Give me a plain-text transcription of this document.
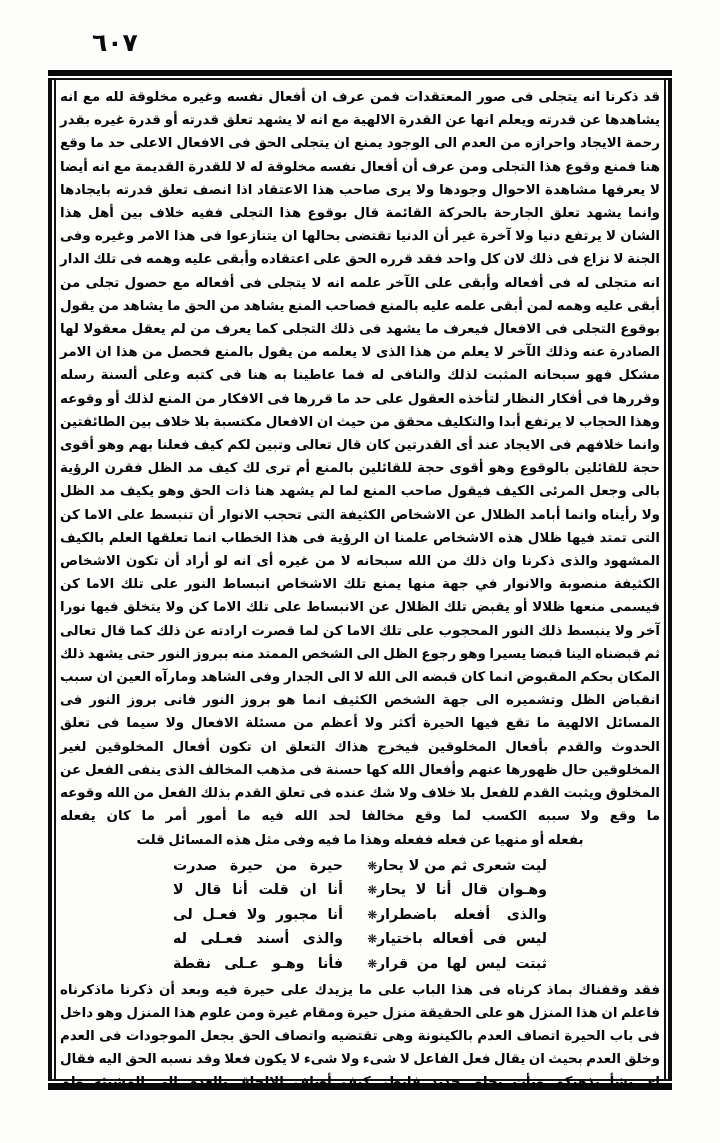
٦٠٧

قد ذكرنا انه يتجلى فى صور المعتقدات فمن عرف ان أفعال نفسه وغيره مخلوقة لله مع انه يشاهدها عن قدرته ويعلم انها عن القدرة الالهية مع انه لا يشهد تعلق قدرته أو قدرة غيره بقدر رحمة الايجاد واحرازه من العدم الى الوجود يمنع ان يتجلى الحق فى الافعال الاعلى حد ما وقع هنا فمنع وقوع هذا التجلى ومن عرف أن أفعال نفسه مخلوقة له لا للقدرة القديمة مع انه أيضا لا يعرفها مشاهدة الاحوال وجودها ولا يرى صاحب هذا الاعتقاد اذا انصف تعلق قدرته بايجادها وانما يشهد تعلق الجارحة بالحركة القائمة قال بوقوع هذا التجلى ففيه خلاف بين أهل هذا الشان لا يرتفع دنيا ولا آخرة غير أن الدنيا تقتضى بحالها ان يتنازعوا فى هذا الامر وغيره وفى الجنة لا نزاع فى ذلك لان كل واحد فقد قرره الحق على اعتقاده وأبقى عليه وهمه فى تلك الدار انه متجلى له فى أفعاله وأبقى على الآخر علمه انه لا يتجلى فى أفعاله مع حصول تجلى من أبقى عليه وهمه لمن أبقى علمه عليه بالمنع فصاحب المنع يشاهد من الحق ما يشاهد من يقول بوقوع التجلى فى الافعال فيعرف ما يشهد فى ذلك التجلى كما يعرف من لم يعقل معقولا لها الصادرة عنه وذلك الآخر لا يعلم من هذا الذى لا يعلمه من يقول بالمنع فحصل من هذا ان الامر مشكل فهو سبحانه المثبت لذلك والنافى له فما عاطينا به هنا فى كتبه وعلى ألسنة رسله وقررها فى أفكار النظار لتأخذه العقول على حد ما قررها فى الافكار من المنع لذلك أو وقوعه وهذا الحجاب لا يرتفع أبدا والتكليف محقق من حيث ان الافعال مكتسبة بلا خلاف بين الطائفتين وانما خلافهم فى الايجاد عند أى القدرتين كان قال تعالى وتبين لكم كيف فعلنا بهم وهو أقوى حجة للقائلين بالوقوع وهو أقوى حجة للقائلين بالمنع أم ترى لك كيف مد الظل فقرن الرؤية بالى وجعل المرئى الكيف فيقول صاحب المنع لما لم يشهد هنا ذات الحق وهو يكيف مد الظل ولا رأيناه وانما أبامد الظلال عن الاشخاص الكثيفة التى تحجب الانوار أن تنبسط على الاما كن التى تمتد فيها ظلال هذه الاشخاص علمنا ان الرؤية فى هذا الخطاب انما تعلقها العلم بالكيف المشهود والذى ذكرنا وان ذلك من الله سبحانه لا من غيره أى انه لو أراد أن تكون الاشخاص الكثيفة منصوبة والانوار في جهة منها يمنع تلك الاشخاص انبساط النور على تلك الاما كن فيسمى منعها ظلالا أو يقبض تلك الظلال عن الانبساط على تلك الاما كن ولا يتخلق فيها نورا آخر ولا ينبسط ذلك النور المحجوب على تلك الاما كن لما قصرت ارادته عن ذلك كما قال تعالى ثم قبضناه الينا قبضا يسيرا وهو رجوع الظل الى الشخص الممتد منه ببروز النور حتى يشهد ذلك المكان بحكم المقبوض انما كان قبضه الى الله لا الى الجدار وفى الشاهد ومارآه العين ان سبب انقباض الظل وتشميره الى جهة الشخص الكثيف انما هو بروز النور فانى بروز النور فى المسائل الالهية ما تقع فيها الحيرة أكثر ولا أعظم من مسئلة الافعال ولا سيما فى تعلق الحدوث والقدم بأفعال المخلوقين فيخرج هذاك التعلق ان تكون أفعال المخلوقين لغير المخلوقين حال ظهورها عنهم وأفعال الله كها حسنة فى مذهب المخالف الذى ينفى الفعل عن المخلوق ويثبت القدم للفعل بلا خلاف ولا شك عنده فى تعلق القدم بذلك الفعل من الله وقوعه ما وقع ولا سببه الكسب لما وقع مخالفا لحد الله فيه ما أمور أمر ما كان يفعله

بفعله أو منهيا عن فعله ففعله وهذا ما فيه وفى مثل هذه المسائل قلت

ليت شعرى ثم من لا يحار
❋
حيرة من حيرة صدرت
وهـوان قال أنا لا يحار
❋
أنا ان قلت أنا قال لا
والذى أفعله باضطرار
❋
أنا مجبور ولا فعـل لى
ليس فى أفعاله باختيار
❋
والذى أسند فعـلى له
ثبتت ليس لها من قرار
❋
فأنا وهـو عـلى نقطة

فقد وقفناك بماذ كرناه فى هذا الباب على ما يزيدك على حيرة فيه وبعد أن ذكرنا ماذكرناه فاعلم ان هذا المنزل هو على الحقيقة منزل حيرة ومقام غيرة ومن علوم هذا المنزل وهو داخل فى باب الحيرة اتصاف العدم بالكينونة وهى تقتضيه واتصاف الحق بجعل الموجودات فى العدم وخلق العدم بحيث ان يقال فعل الفاعل لا شىء ولا شىء لا يكون فعلا وقد نسبه الحق اليه فقال اى بشأ بذهبكم ويأت بخلق جديد فانظر كيف أضاف الالحاق بالعدم الى المشيئة ولم
